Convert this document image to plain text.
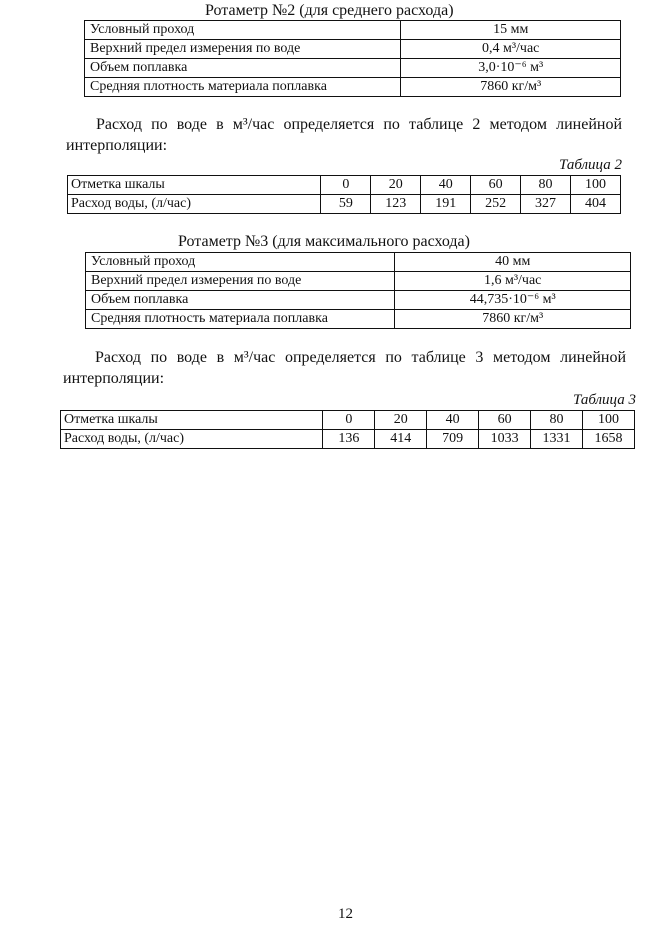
Ротаметр №2 (для среднего расхода)
Условный проход	15 мм
Верхний предел измерения по воде	0,4 м³/час
Объем поплавка	3,0·10⁻⁶ м³
Средняя плотность материала поплавка	7860 кг/м³
Расход по воде в м³/час определяется по таблице 2 методом линейной интерполяции:
Таблица 2
Отметка шкалы	0	20	40	60	80	100
Расход воды, (л/час)	59	123	191	252	327	404
Ротаметр №3 (для максимального расхода)
Условный проход	40 мм
Верхний предел измерения по воде	1,6 м³/час
Объем поплавка	44,735·10⁻⁶ м³
Средняя плотность материала поплавка	7860 кг/м³
Расход по воде в м³/час определяется по таблице 3 методом линейной интерполяции:
Таблица 3
Отметка шкалы	0	20	40	60	80	100
Расход воды, (л/час)	136	414	709	1033	1331	1658
12
